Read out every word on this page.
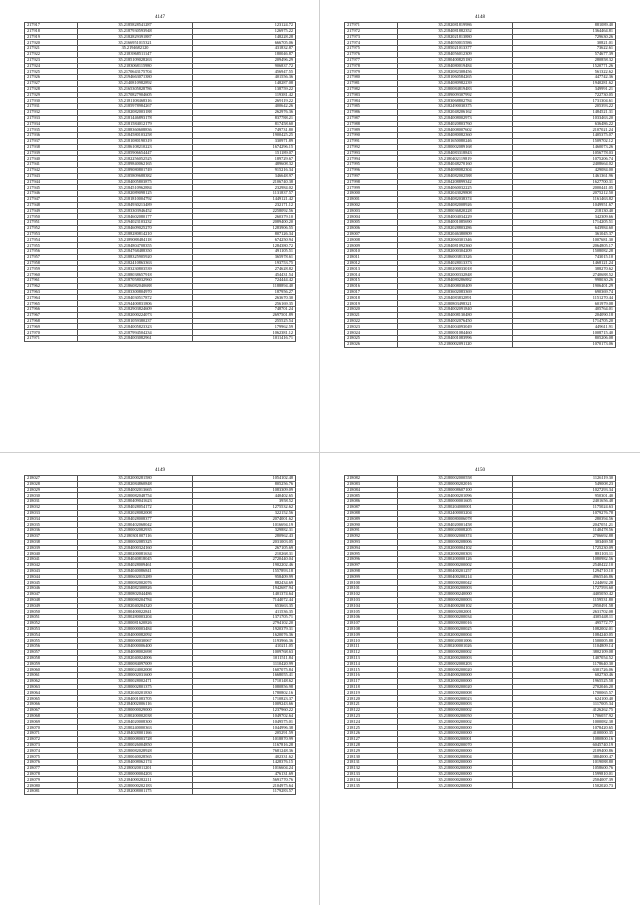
4147
217917	35.2185828541287	123124.72
217918	35.2187930593948	126975.22
217919	35.2182829391887	148228.28
217920	35.2166951015321	666705.06
217921	35.2194682120	431832.87
217922	35.2183968511147	180046.87
217923	35.2185109028263	209496.29
217924	35.2183068115980	906837.72
217925	35.2170643175704	456947.55
217926	35.2194663071380	401556.36
217927	35.2140810982892	148287.08
217928	35.2165305828786	138759.22
217929	35.2170827904605	119381.42
217930	35.2181108468316	269119.22
217931	35.2185978984267	400642.26
217932	35.2182082003188	262976.36
217933	35.2181446893178	837788.21
217934	35.2181584012179	817458.60
217935	35.2188360608836	749731.80
217936	35.2184580103258	1900425.25
217937	35.2181080190319	330971.89
217938	35.2186108210223	1674296.15
217939	35.2185906654447	151189.07
217940	35.2182256052525	189729.67
217941	35.2189840062165	489608.32
217942	35.2189080801749	915216.34
217943	35.2185809688382	346648.97
217944	35.2184005803875	2106740.38
217945	35.2184510962884	232984.02
217946	35.2182089098125	1131837.57
217947	35.2181810004792	1449121.42
217948	35.2184930213489	232171.12
217949	35.2183303946452	2258092.56
217950	35.2184602080177	260379.10
217951	35.2194023103232	2089400.20
217952	35.2184609025270	1283906.55
217953	35.2188280814210	807126.34
217954	35.2189088484118	674250.94
217955	35.2184804708355	1284380.72
217956	35.2184768488350	491105.51
217957	35.2188325905920	365978.61
217958	35.2182410863363	193753.75
217959	35.2183230803539	274628.82
217960	35.2188038657918	454431.54
217961	35.2187058032960	724444.42
217962	35.2186082040688	1188894.40
217963	35.2183300804970	187956.27
217964	35.2184030517872	263670.30
217965	35.2194400831806	256169.35
217966	35.2182903824609	748701.24
217967	35.2182000224073	2697501.89
217968	35.2181059380237	255525.54
217969	35.2184005823323	179962.59
217970	35.2187994504234	1062381.12
217971	35.2184003082961	1011416.71
4148
217971	35.2182081819986	881089.40
217972	35.2184081882352	1364464.81
217973	35.2182021813880	729630.26
217974	35.2184050015586	30821.01
217975	35.2185021013377	73622.61
217976	35.2184056012309	574677.39
217977	35.2180400825180	280858.32
217978	35.2184080019484	1520771.26
217979	35.2182082308456	561322.62
217980	35.2181060584265	447742.36
217981	35.2184080982239	1940281.62
217982	35.2180084819483	349991.21
217983	35.2189009307992	722730.05
217984	35.2183068802784	1731304.61
217985	35.2182490030375	205393.22
217986	35.2182048206162	1484521.31
217987	35.2184008002973	1033463.20
217988	35.2184020803760	636486.22
217989	35.2184008007602	2107021.24
217990	35.2184080082360	1405375.07
217991	35.2181650080246	1509702.12
217992	35.2180002089168	1460073.26
217993	35.2184083318843	1056778.03
217994	35.2180402119819	1075206.74
217995	35.2184048270160	2408664.02
217996	35.2184088082304	429084.00
217997	35.2184082002588	1461361.96
217998	35.2184208899342	1627700.31
217999	35.2184060032225	2000441.05
218000	35.2182043029808	2075212.50
218001	35.2184082038374	1161463.82
218002	35.2184082008926	1049951.67
218003	35.2180036820228	218130.40
218004	35.2184004034229	342309.66
218005	35.2184001085690	1714205.51
218006	35.2182028803286	643984.60
218007	35.2182046380809	361045.37
218008	35.2182060301346	1007681.30
218009	35.2184081092360	2064805.17
218010	35.2182000304209	1508082.28
218011	35.2186003813326	743015.10
218012	35.2184028013373	1468121.24
218013	35.2180200033018	388270.62
218014	35.2182000332848	2740688.52
218015	35.2184080286882	998030.26
218016	35.2184008030409	1906401.29
218017	35.2183602083369	690369.74
218018	35.2184083832891	1151270.44
218019	35.2180803498321	601979.08
218020	35.2184002091840	405764.01
218021	35.2184008130480	204090.18
218022	35.2184002076450	1714705.20
218023	35.2184004093049	449611.91
218024	35.2180001084460	1008715.40
218025	35.2184001083996	805206.08
218026	35.2180002091120	1070173.06
4149
218027	35.2182000281580	1054102.48
218028	35.2182084860848	805256.76
218029	35.2184002013665	1083309.09
218030	35.2180082048754	440402.65
218031	35.2180409041623	3958.52
218032	35.2184028054172	1275532.62
218033	35.2182028082008	322152.56
218034	35.2184028008377	2074001.62
218035	35.2180402068042	1016694.19
218036	35.2180002082935	329882.31
218037	35.2180301007116	280962.43
218038	35.2180002085325	2031003.05
218039	35.2184000324160	267105.69
218040	35.2180200081634	210268.31
218041	35.2184040818045	2720440.04
218042	35.2184028009461	1902202.46
218043	35.2184040086841	1557893.18
218044	35.2180602015289	958409.99
218045	35.2180082002076	882434.69
218046	35.2184082300826	1942687.94
218047	35.2180802044486	1401374.64
218048	35.2180080204784	7144072.44
218049	35.2182040204320	653663.35
218050	35.2180400022841	411536.35
218051	35.2180280003204	1371705.71
218052	35.2180081620826	2794102.20
218053	35.2180000003484	1920379.31
218054	35.2184000082092	1620076.36
218055	35.2180000030067	1193966.36
218056	35.2184000006400	410211.05
218057	35.2184008002698	1009768.63
218058	35.2182040024006	1011511.84
218059	35.2180084097009	1110420.99
218060	35.2180024002008	1607075.84
218061	35.2180002031600	1668055.41
218062	35.2180028002471	1710148.62
218063	35.2180002801375	1080856.98
218064	35.2182040201830	1780802.16
218065	35.2184001083705	1710823.37
218066	35.2184002006116	1009243.66
218067	35.2180000029000	1237960.22
218068	35.2180200002038	1049702.64
218069	35.2184020008300	1049575.01
218070	35.2180240000363	1044996.38
218071	35.2184028001166	205291.59
218072	35.2180008003728	1018870.99
218073	35.2180026004850	1167816.28
218074	35.2180082028928	7681248.36
218075	35.2180040028565	402331.62
218076	35.2184008062174	1428376.15
218077	35.2180020011201	1016604.24
218078	35.2180000004203	476131.69
218079	35.2184000282211	5691770.76
218080	35.2180000202183	2104975.64
218081	35.2182008001175	1179283.57
4150
218082	35.2180002000558	1126119.30
218083	35.2180000202016	549008.23
218084	35.2180008607100	1027293.34
218085	35.2184000201096	950301.40
218086	35.2180000001605	2401656.48
218087	35.2180204000001	1175024.63
218088	35.2182400003204	1079276.78
218089	35.2180080006078	280394.56
218090	35.2184020001458	2047051.21
218091	35.2180020008205	1140478.56
218092	35.2180002000374	2706692.88
218093	35.2180000208006	303469.58
218094	35.2182000004102	1725230.09
218095	35.2182000200303	881103.11
218096	35.2180200000126	1080982.56
218097	35.2180000200002	2540422.10
218098	35.2180400201257	1294710.10
218099	35.2180400200214	4965546.86
218100	35.2180000200042	1244692.28
218101	35.2182000200003	1727593.60
218102	35.2180000240000	4405050.42
218103	35.2180000200003	1159531.80
218104	35.2184000200102	2950491.58
218105	35.2180002002001	2631702.08
218106	35.2180000200034	4305448.11
218107	35.2180000200016	495772.77
218108	35.2180000200025	1082002.01
218109	35.2182000200004	1084240.05
218110	35.2180020001006	1500005.88
218111	35.2180200001026	1104809.14
218112	35.2180000200002	3802109.08
218113	35.2182000200003	1407054.52
218114	35.2180002000203	1178640.30
218115	35.2180000200020	6301726.06
218116	35.2184000200000	602730.46
218117	35.2182000200000	1965525.58
218118	35.2180000200020	2702046.20
218119	35.2180000200008	1700065.57
218120	35.2180000200023	624100.40
218121	35.2180000200003	1117005.34
218122	35.2180000200002	4126262.75
218123	35.2180000200050	1706057.92
218124	35.2180000200002	1000082.38
218125	35.2180000200000	1078420.65
218126	35.2180000200000	4100000.35
218127	35.2180000200001	1080800.16
218128	35.2180000200070	6045740.19
218129	35.2180000200000	2109400.86
218130	35.2180000200004	3804000.47
218131	35.2180000200000	1019088.80
218132	35.2180000200000	1058600.76
218133	35.2180000200000	1599810.01
218134	35.2180000200000	2504007.39
218135	35.2180000200000	1502020.73
